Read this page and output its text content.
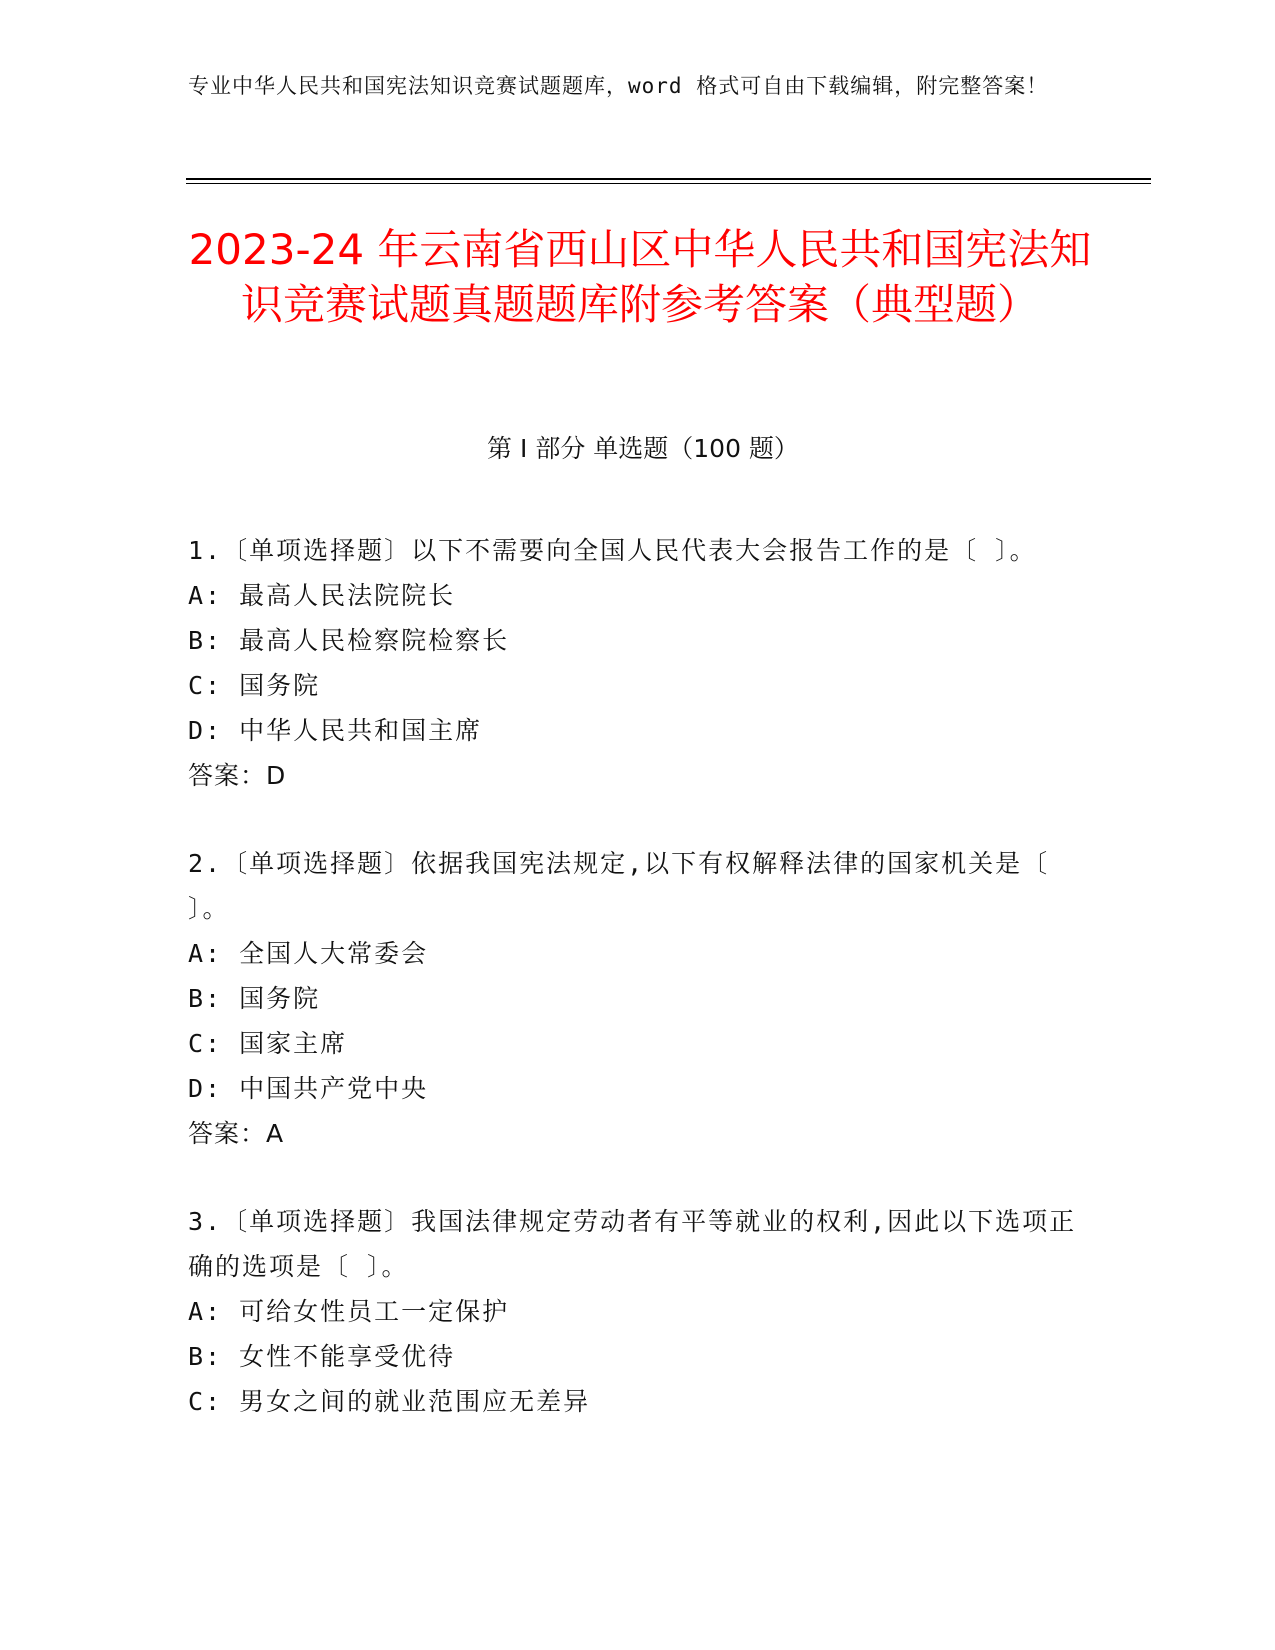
专业中华人民共和国宪法知识竞赛试题题库，word 格式可自由下载编辑，附完整答案！
2023-24 年云南省西山区中华人民共和国宪法知识竞赛试题真题题库附参考答案（典型题）
第 I 部分 单选题（100 题）
1.〔单项选择题〕以下不需要向全国人民代表大会报告工作的是〔 〕。
A: 最高人民法院院长
B: 最高人民检察院检察长
C: 国务院
D: 中华人民共和国主席
答案：D
2.〔单项选择题〕依据我国宪法规定,以下有权解释法律的国家机关是〔 〕。
A: 全国人大常委会
B: 国务院
C: 国家主席
D: 中国共产党中央
答案：A
3.〔单项选择题〕我国法律规定劳动者有平等就业的权利,因此以下选项正确的选项是〔 〕。
A: 可给女性员工一定保护
B: 女性不能享受优待
C: 男女之间的就业范围应无差异
